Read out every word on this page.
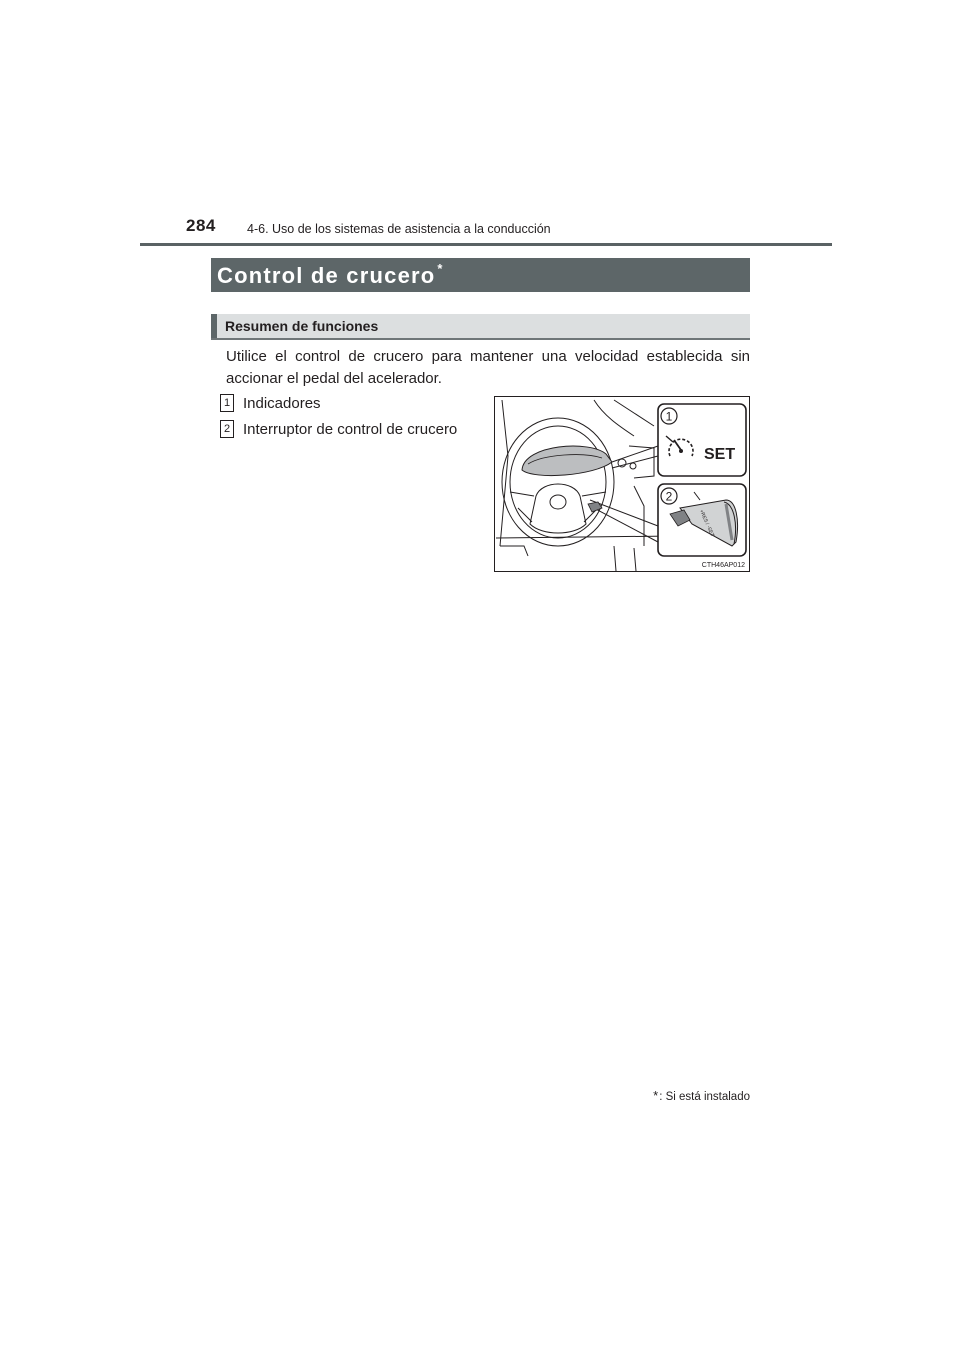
284 4-6. Uso de los sistemas de asistencia a la conducción
Control de crucero *
Resumen de funciones
Utilice el control de crucero para mantener una velocidad establecida sin accionar el pedal del acelerador.
1 Indicadores
2 Interruptor de control de crucero
1
SET
2
+RES / -SET
CTH46AP012
*: Si está instalado
